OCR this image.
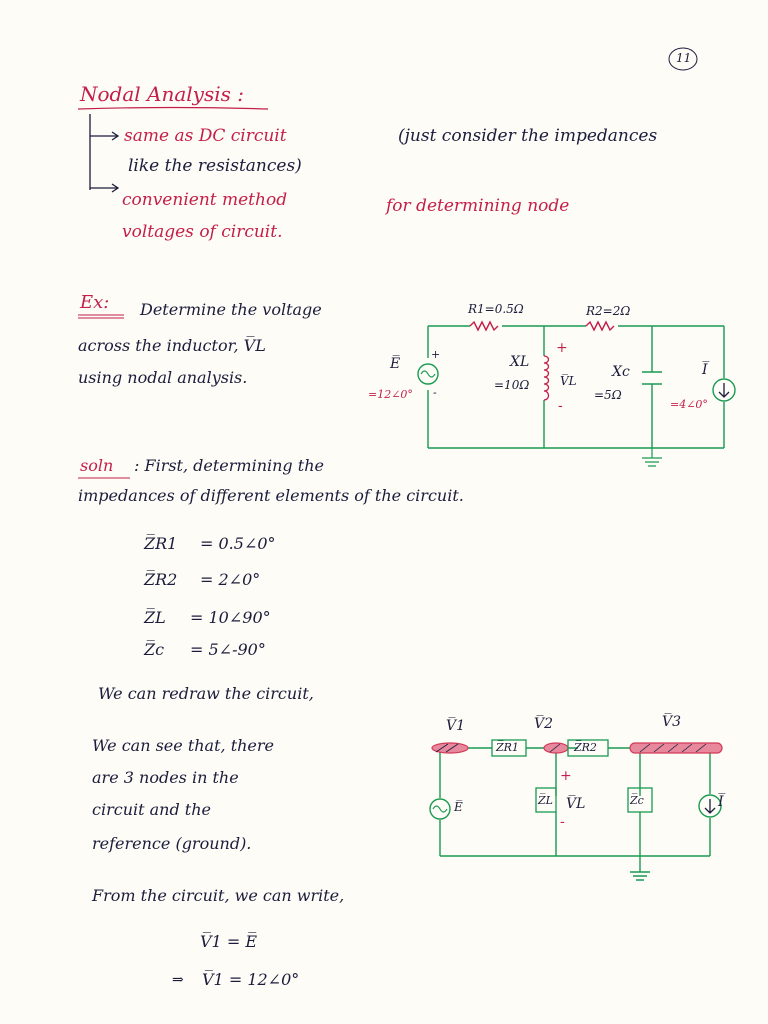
11
Nodal Analysis :
same as DC circuit	(just consider the impedances
like the resistances)
convenient method	for determining node
voltages of circuit.
Ex: Determine the voltage
across the inductor, V̅L
using nodal analysis.
R1=0.5Ω	R2=2Ω
E̅
=12∠0°
+
-
XL
=10Ω
+
V̅L
-
Xc
=5Ω
I̅
=4∠0°
soln : First, determining the
impedances of different elements of the circuit.
Z̅R1 = 0.5∠0°
Z̅R2 = 2∠0°
Z̅L = 10∠90°
Z̅c = 5∠-90°
We can redraw the circuit,
We can see that, there
are 3 nodes in the
circuit and the
reference (ground).
V̅1	V̅2	V̅3
Z̅R1	Z̅R2
E̅
+
V̅L
-
Z̅L	Z̅c	I̅
From the circuit, we can write,
V̅1 = E̅
⇒ V̅1 = 12∠0°
